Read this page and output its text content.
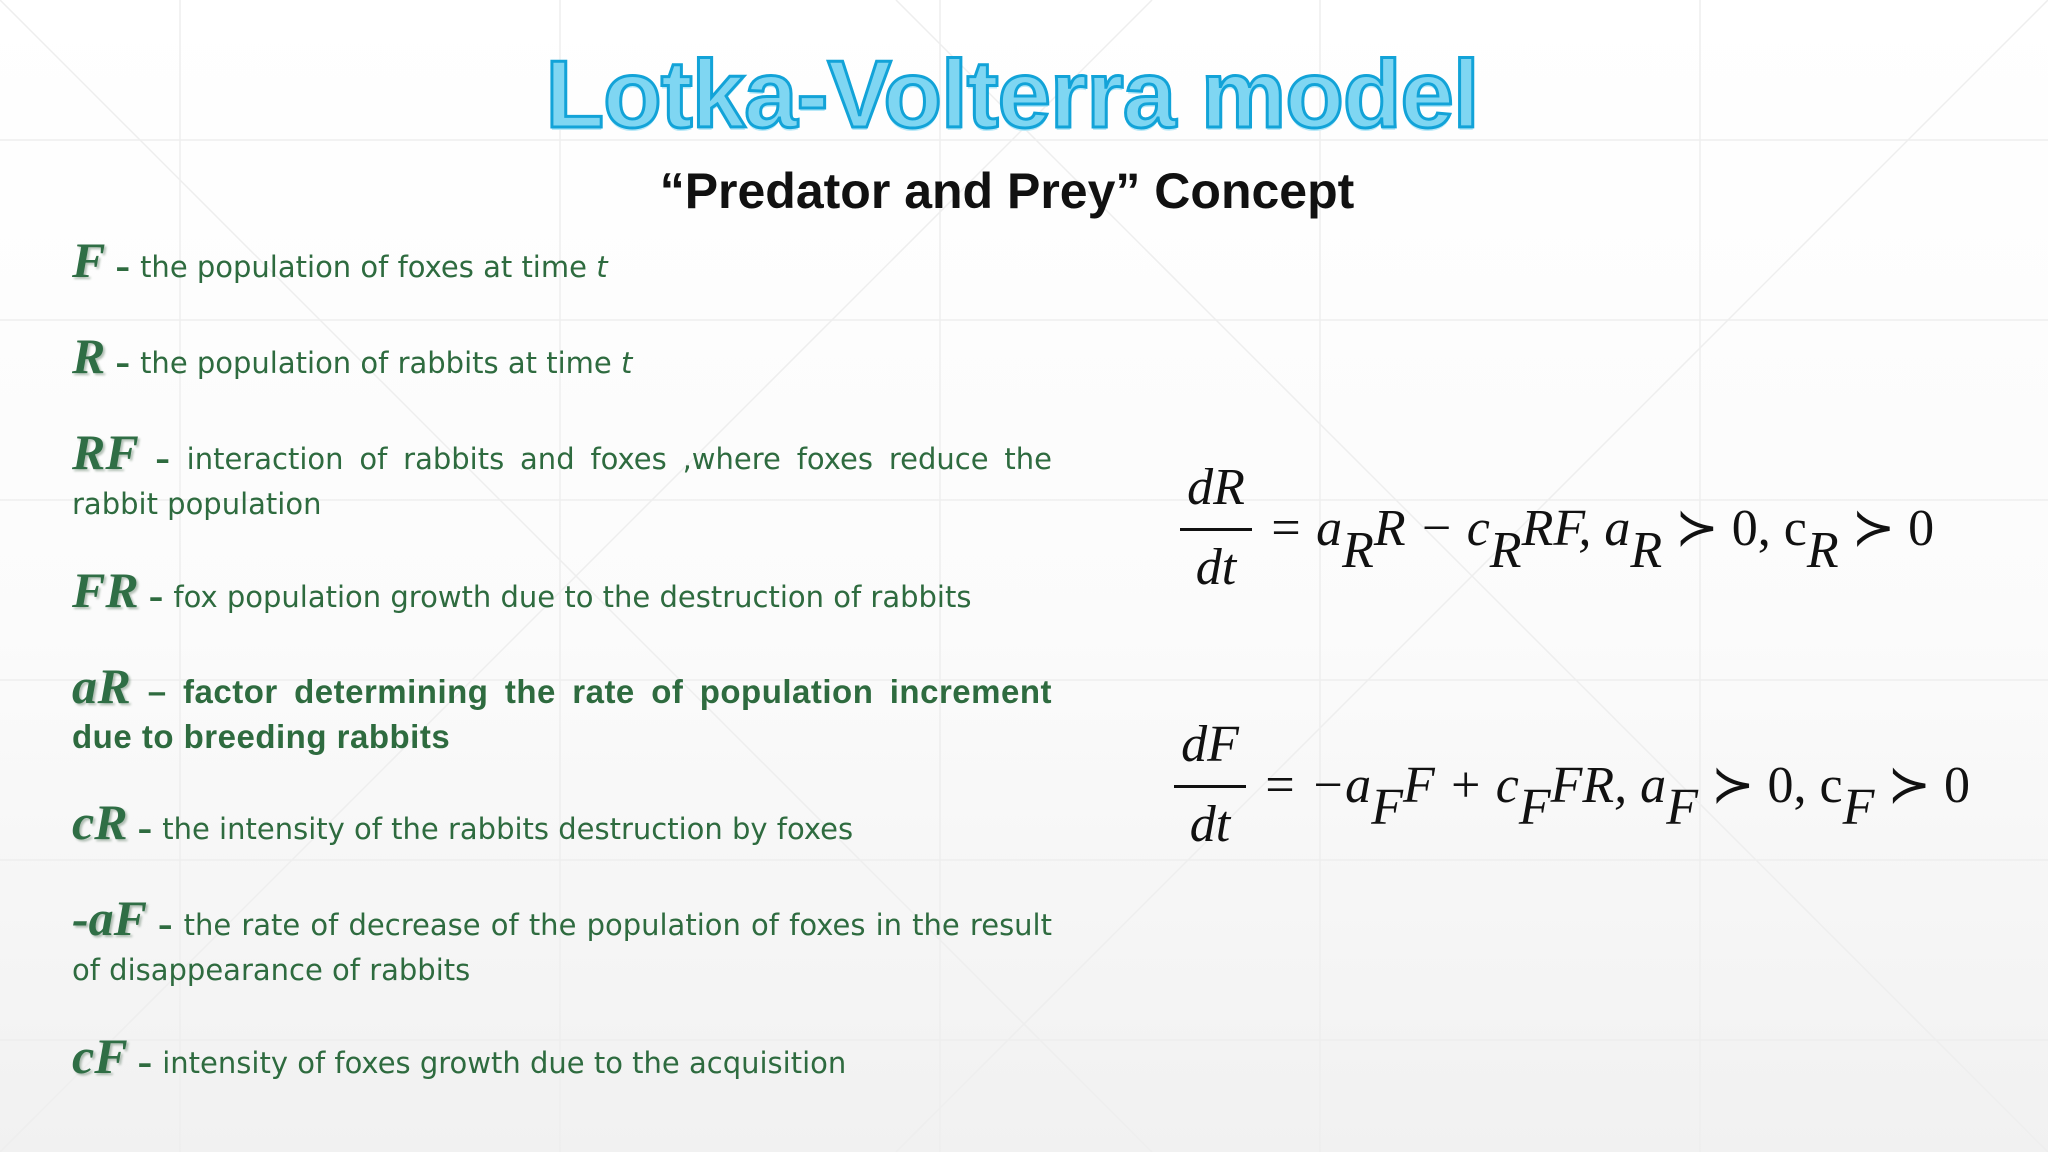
Lotka-Volterra model
“Predator and Prey” Concept

F – the population of foxes at time t

R – the population of rabbits at time t

RF – interaction of rabbits and foxes ,where foxes reduce the rabbit population

FR – fox population growth due to the destruction of rabbits

aR – factor determining the rate of population increment due to breeding rabbits

cR – the intensity of the rabbits destruction by foxes

-aF – the rate of decrease of the population of foxes in the result of disappearance of rabbits

cF – intensity of foxes growth due to the acquisition

dR
dt
= $a_RR - c_RRF$, $a_R$ ≻ 0, $c_R$ ≻ 0
dF
dt
= $-a_FF + c_FFR$, $a_F$ ≻ 0, $c_F$ ≻ 0
